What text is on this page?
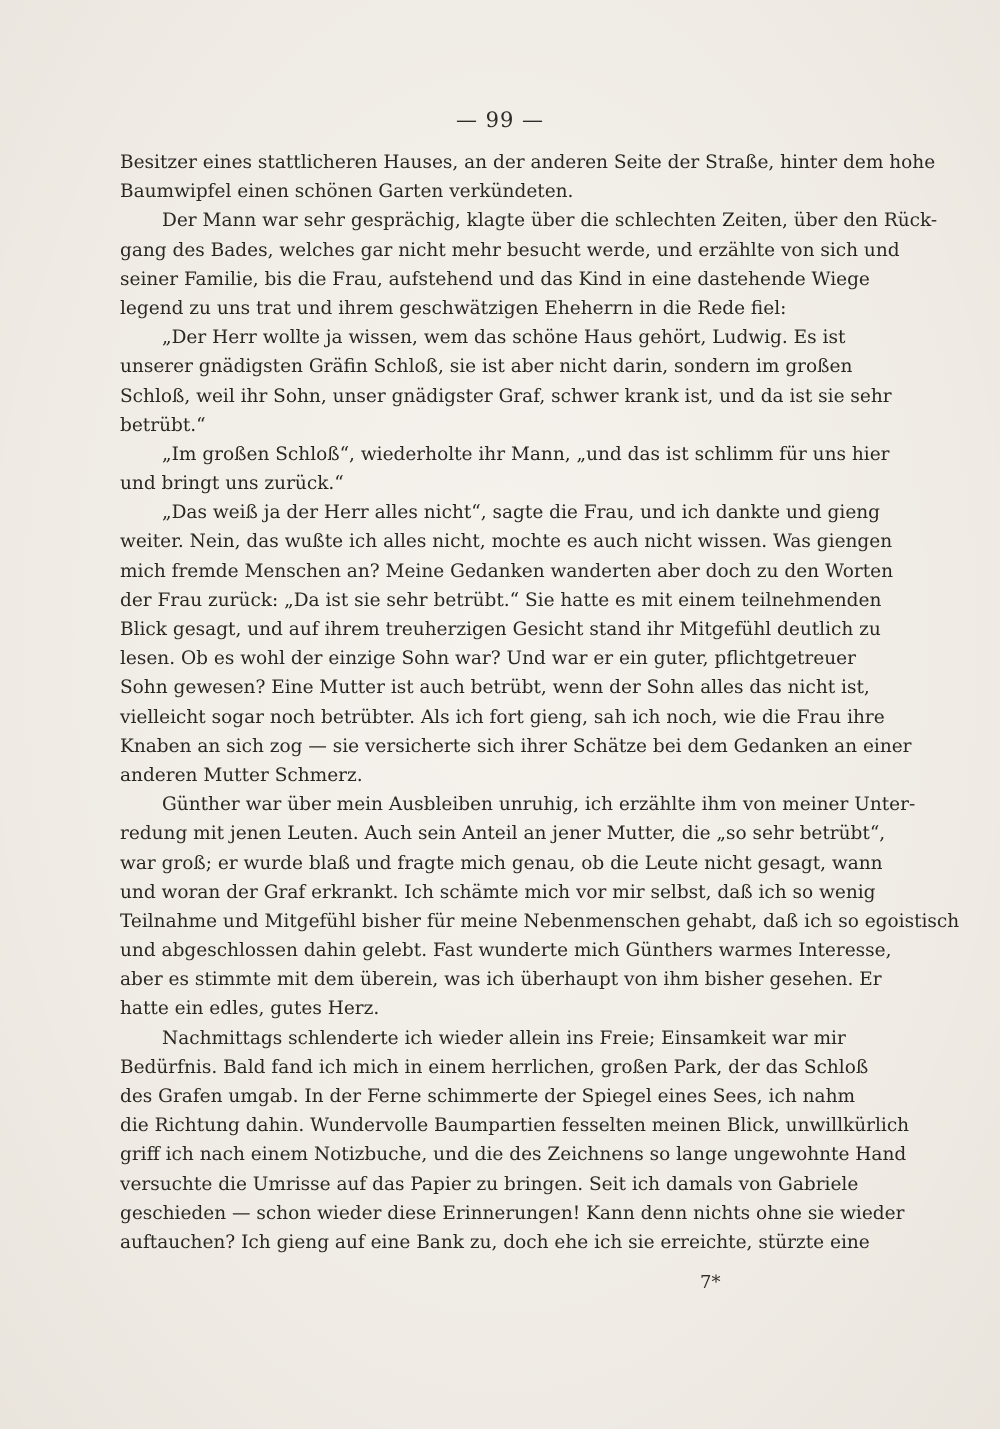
— 99 —
Besitzer eines stattlicheren Hauses, an der anderen Seite der Straße, hinter dem hohe
Baumwipfel einen schönen Garten verkündeten.
Der Mann war sehr gesprächig, klagte über die schlechten Zeiten, über den Rück-
gang des Bades, welches gar nicht mehr besucht werde, und erzählte von sich und
seiner Familie, bis die Frau, aufstehend und das Kind in eine dastehende Wiege
legend zu uns trat und ihrem geschwätzigen Eheherrn in die Rede fiel:
„Der Herr wollte ja wissen, wem das schöne Haus gehört, Ludwig. Es ist
unserer gnädigsten Gräfin Schloß, sie ist aber nicht darin, sondern im großen
Schloß, weil ihr Sohn, unser gnädigster Graf, schwer krank ist, und da ist sie sehr
betrübt.“
„Im großen Schloß“, wiederholte ihr Mann, „und das ist schlimm für uns hier
und bringt uns zurück.“
„Das weiß ja der Herr alles nicht“, sagte die Frau, und ich dankte und gieng
weiter. Nein, das wußte ich alles nicht, mochte es auch nicht wissen. Was giengen
mich fremde Menschen an? Meine Gedanken wanderten aber doch zu den Worten
der Frau zurück: „Da ist sie sehr betrübt.“ Sie hatte es mit einem teilnehmenden
Blick gesagt, und auf ihrem treuherzigen Gesicht stand ihr Mitgefühl deutlich zu
lesen. Ob es wohl der einzige Sohn war? Und war er ein guter, pflichtgetreuer
Sohn gewesen? Eine Mutter ist auch betrübt, wenn der Sohn alles das nicht ist,
vielleicht sogar noch betrübter. Als ich fort gieng, sah ich noch, wie die Frau ihre
Knaben an sich zog — sie versicherte sich ihrer Schätze bei dem Gedanken an einer
anderen Mutter Schmerz.
Günther war über mein Ausbleiben unruhig, ich erzählte ihm von meiner Unter-
redung mit jenen Leuten. Auch sein Anteil an jener Mutter, die „so sehr betrübt“,
war groß; er wurde blaß und fragte mich genau, ob die Leute nicht gesagt, wann
und woran der Graf erkrankt. Ich schämte mich vor mir selbst, daß ich so wenig
Teilnahme und Mitgefühl bisher für meine Nebenmenschen gehabt, daß ich so egoistisch
und abgeschlossen dahin gelebt. Fast wunderte mich Günthers warmes Interesse,
aber es stimmte mit dem überein, was ich überhaupt von ihm bisher gesehen. Er
hatte ein edles, gutes Herz.
Nachmittags schlenderte ich wieder allein ins Freie; Einsamkeit war mir
Bedürfnis. Bald fand ich mich in einem herrlichen, großen Park, der das Schloß
des Grafen umgab. In der Ferne schimmerte der Spiegel eines Sees, ich nahm
die Richtung dahin. Wundervolle Baumpartien fesselten meinen Blick, unwillkürlich
griff ich nach einem Notizbuche, und die des Zeichnens so lange ungewohnte Hand
versuchte die Umrisse auf das Papier zu bringen. Seit ich damals von Gabriele
geschieden — schon wieder diese Erinnerungen! Kann denn nichts ohne sie wieder
auftauchen? Ich gieng auf eine Bank zu, doch ehe ich sie erreichte, stürzte eine
7*
